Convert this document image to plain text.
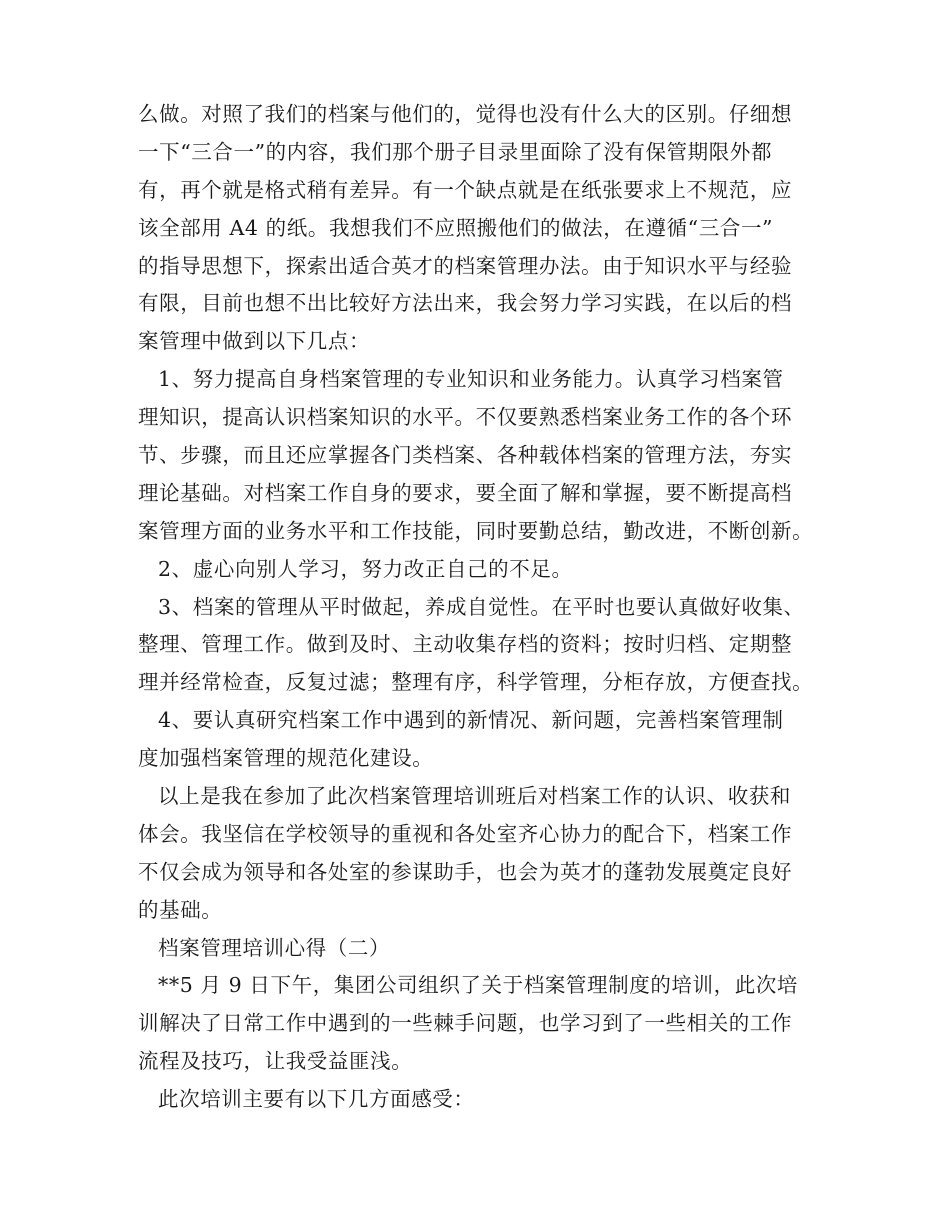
么做。对照了我们的档案与他们的，觉得也没有什么大的区别。仔细想
一下“三合一”的内容，我们那个册子目录里面除了没有保管期限外都
有，再个就是格式稍有差异。有一个缺点就是在纸张要求上不规范，应
该全部用 A4 的纸。我想我们不应照搬他们的做法，在遵循“三合一”
的指导思想下，探索出适合英才的档案管理办法。由于知识水平与经验
有限，目前也想不出比较好方法出来，我会努力学习实践，在以后的档
案管理中做到以下几点：
1、努力提高自身档案管理的专业知识和业务能力。认真学习档案管
理知识，提高认识档案知识的水平。不仅要熟悉档案业务工作的各个环
节、步骤，而且还应掌握各门类档案、各种载体档案的管理方法，夯实
理论基础。对档案工作自身的要求，要全面了解和掌握，要不断提高档
案管理方面的业务水平和工作技能，同时要勤总结，勤改进，不断创新。
2、虚心向别人学习，努力改正自己的不足。
3、档案的管理从平时做起，养成自觉性。在平时也要认真做好收集、
整理、管理工作。做到及时、主动收集存档的资料；按时归档、定期整
理并经常检查，反复过滤；整理有序，科学管理，分柜存放，方便查找。
4、要认真研究档案工作中遇到的新情况、新问题，完善档案管理制
度加强档案管理的规范化建设。
以上是我在参加了此次档案管理培训班后对档案工作的认识、收获和
体会。我坚信在学校领导的重视和各处室齐心协力的配合下，档案工作
不仅会成为领导和各处室的参谋助手，也会为英才的蓬勃发展奠定良好
的基础。
档案管理培训心得（二）
**5 月 9 日下午，集团公司组织了关于档案管理制度的培训，此次培
训解决了日常工作中遇到的一些棘手问题，也学习到了一些相关的工作
流程及技巧，让我受益匪浅。
此次培训主要有以下几方面感受：
